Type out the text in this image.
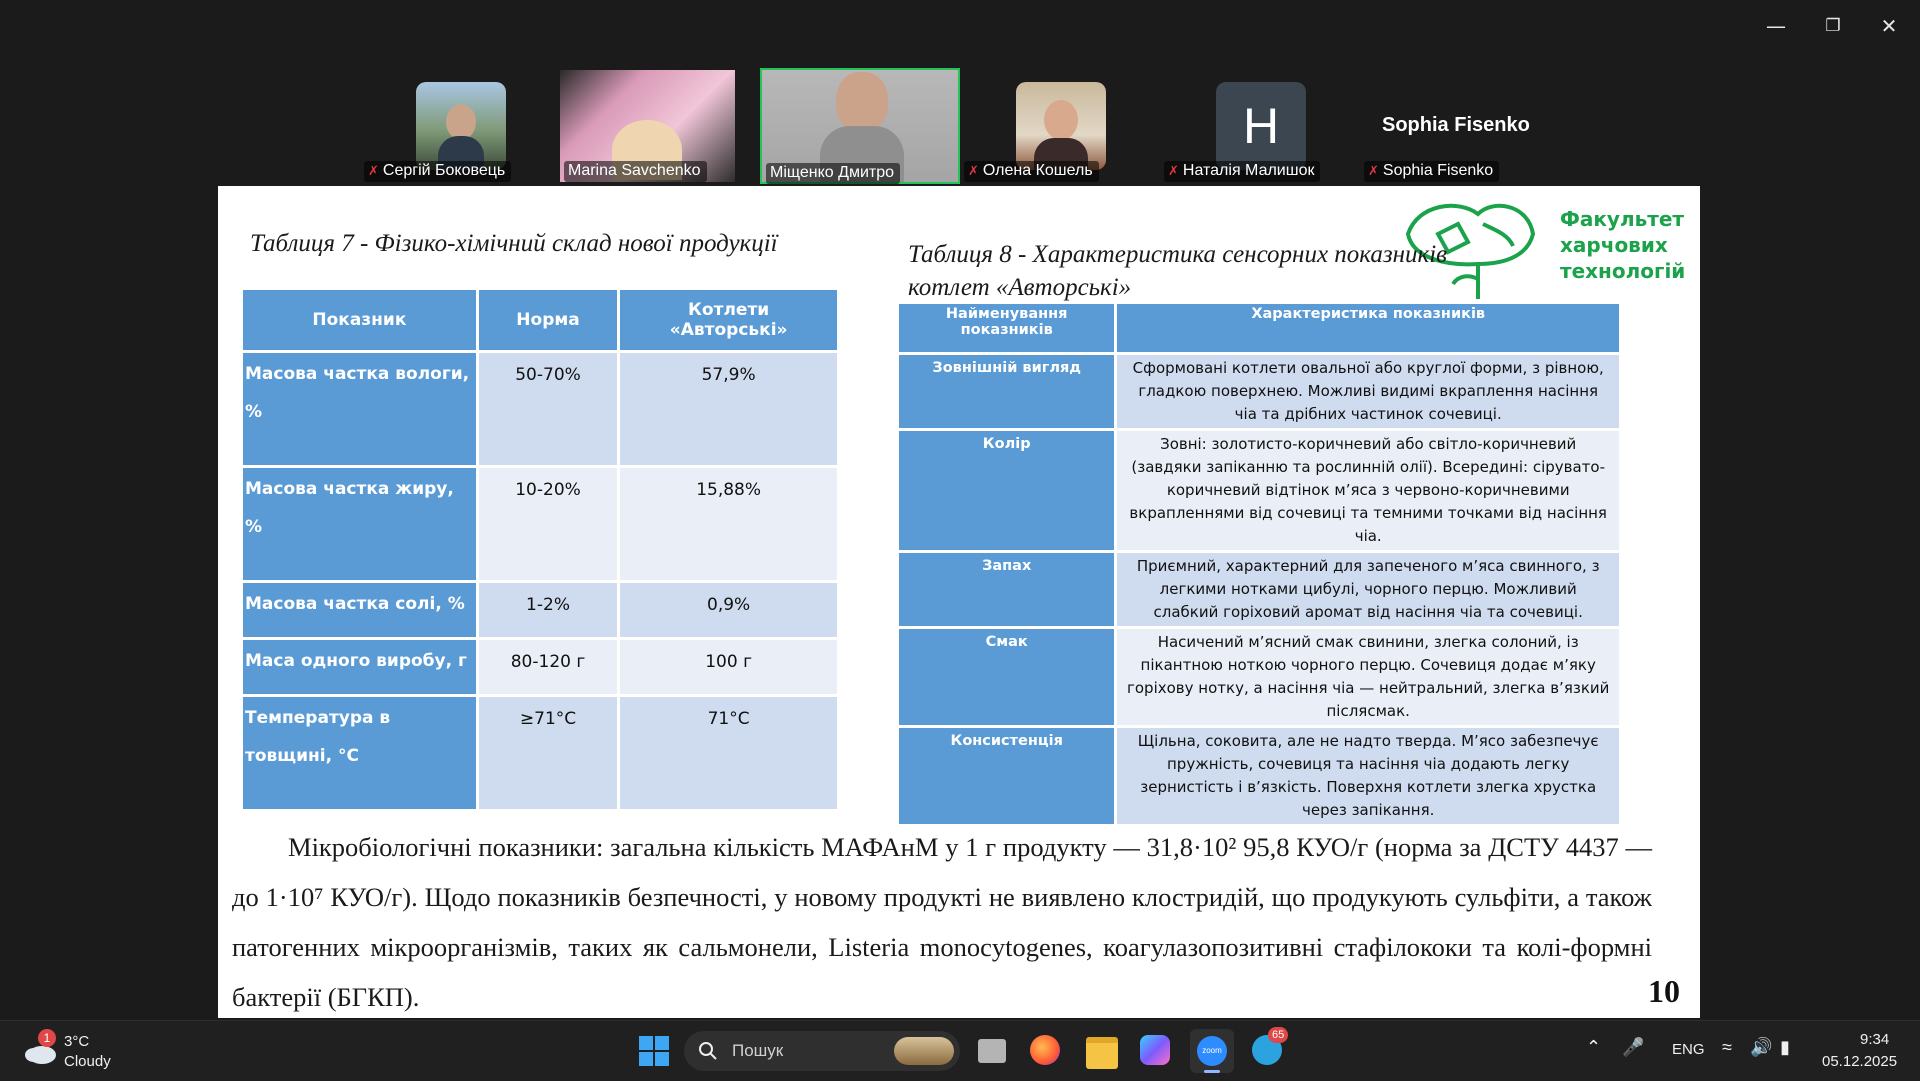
—	❐	✕
✗ Сергій Боковець	Marina Savchenko	Міщенко Дмитро	✗ Олена Кошель
Н
✗ Наталія Малишок
Sophia Fisenko
✗ Sophia Fisenko
Факультет
харчових
технологій
Таблиця 7 - Фізико-хімічний склад нової продукції
Показник	Норма	Котлети «Авторські»
Масова частка вологи, %	50-70%	57,9%
Масова частка жиру, %	10-20%	15,88%
Масова частка солі, %	1-2%	0,9%
Маса одного виробу, г	80-120 г	100 г
Температура в товщині, °С	≥71°С	71°С
Таблиця 8 - Характеристика сенсорних показників
котлет «Авторські»
Найменування показників	Характеристика показників
Зовнішній вигляд	Сформовані котлети овальної або круглої форми, з рівною, гладкою поверхнею. Можливі видимі вкраплення насіння чіа та дрібних частинок сочевиці.
Колір	Зовні: золотисто-коричневий або світло-коричневий (завдяки запіканню та рослинній олії). Всередині: сірувато-коричневий відтінок м’яса з червоно-коричневими вкрапленнями від сочевиці та темними точками від насіння чіа.
Запах	Приємний, характерний для запеченого м’яса свинного, з легкими нотками цибулі, чорного перцю. Можливий слабкий горіховий аромат від насіння чіа та сочевиці.
Смак	Насичений м’ясний смак свинини, злегка солоний, із пікантною ноткою чорного перцю. Сочевиця додає м’яку горіхову нотку, а насіння чіа — нейтральний, злегка в’язкий післясмак.
Консистенція	Щільна, соковита, але не надто тверда. М’ясо забезпечує пружність, сочевиця та насіння чіа додають легку зернистість і в’язкість. Поверхня котлети злегка хрустка через запікання.
Мікробіологічні показники: загальна кількість МАФАнМ у 1 г продукту — 31,8·10² 95,8 КУО/г (норма за ДСТУ 4437 — до 1·10⁷ КУО/г). Щодо показників безпечності, у новому продукті не виявлено клостридій, що продукують сульфіти, а також патогенних мікроорганізмів, таких як сальмонели, Listeria monocytogenes, коагулазопозитивні стафілококи та колі-формні бактерії (БГКП).	10
1 3°C
Cloudy
Пошук	zoom
65
⌃ 🎤 ENG ≈ 🔊 ▮	9:34
05.12.2025
